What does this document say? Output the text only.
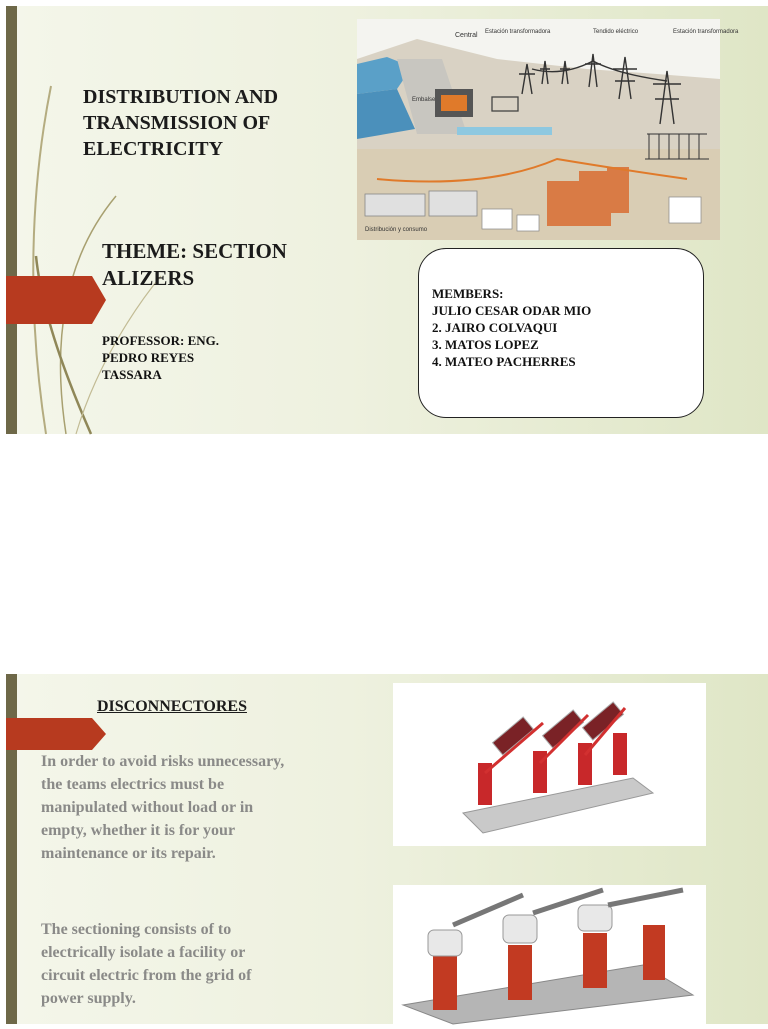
DISTRIBUTION AND TRANSMISSION OF ELECTRICITY

THEME: SECTIONALIZERS

PROFESSOR: ENG. PEDRO REYES TASSARA

Central Estación transformadora	Tendido eléctrico	Estación transformadora
Embalse
Distribución y consumo
MEMBERS:
JULIO CESAR ODAR MIO
2. JAIRO COLVAQUI
3. MATOS LOPEZ
4. MATEO PACHERRES

DISCONNECTORES

In order to avoid risks unnecessary, the teams electrics must be manipulated without load or in empty, whether it is for your maintenance or its repair.

The sectioning consists of to electrically isolate a facility or circuit electric from the grid of power supply.
